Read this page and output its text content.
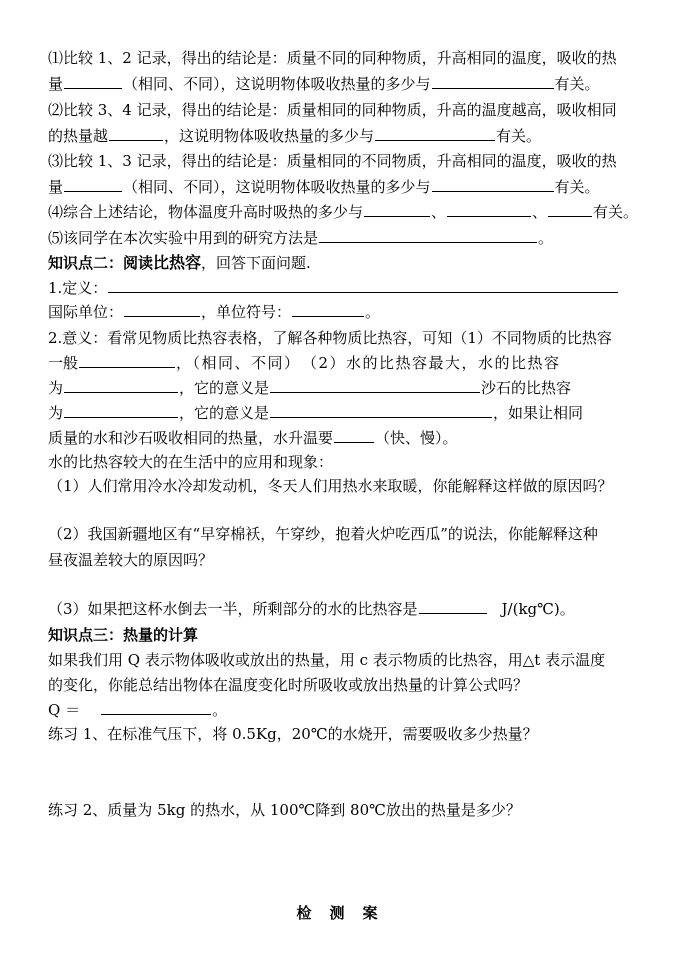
⑴比较 1、2 记录，得出的结论是：质量不同的同种物质，升高相同的温度，吸收的热
量	（相同、不同），这说明物体吸收热量的多少与	有关。
⑵比较 3、4 记录，得出的结论是：质量相同的同种物质，升高的温度越高，吸收相同
的热量越	，这说明物体吸收热量的多少与	有关。
⑶比较 1、3 记录，得出的结论是：质量相同的不同物质，升高相同的温度，吸收的热
量	（相同、不同），这说明物体吸收热量的多少与	有关。
⑷综合上述结论，物体温度升高时吸热的多少与	、	、	有关。
⑸该同学在本次实验中用到的研究方法是	。
知识点二：阅读比热容，回答下面问题.
1.定义：
国际单位：	，单位符号：	。
2.意义：看常见物质比热容表格，了解各种物质比热容，可知（1）不同物质的比热容
一般	，（相同、不同）　（2）水的比热容最大，水的比热容
为	，它的意义是	沙石的比热容
为	，它的意义是	，如果让相同
质量的水和沙石吸收相同的热量，水升温要	（快、慢）。
水的比热容较大的在生活中的应用和现象：
（1）人们常用冷水冷却发动机，冬天人们用热水来取暖，你能解释这样做的原因吗？
（2）我国新疆地区有“早穿棉袄，午穿纱，抱着火炉吃西瓜”的说法，你能解释这种
昼夜温差较大的原因吗？
（3）如果把这杯水倒去一半，所剩部分的水的比热容是	J/(kg℃)。
知识点三：热量的计算
如果我们用 Q 表示物体吸收或放出的热量，用 c 表示物质的比热容，用△t 表示温度
的变化，你能总结出物体在温度变化时所吸收或放出热量的计算公式吗？
Q ＝	。
练习 1、在标准气压下，将 0.5Kg，20℃的水烧开，需要吸收多少热量？
练习 2、质量为 5kg 的热水，从 100℃降到 80℃放出的热量是多少？
检测案
